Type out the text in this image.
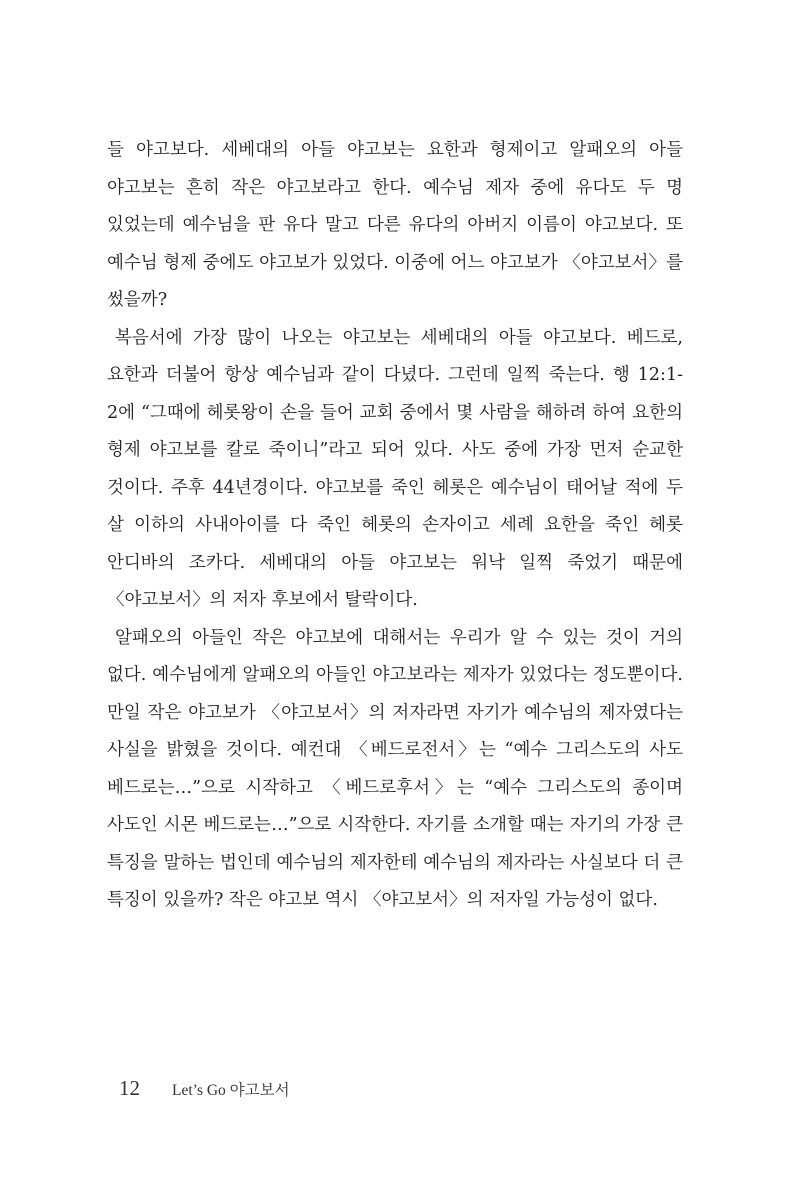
들 야고보다. 세베대의 아들 야고보는 요한과 형제이고 알패오의 아들 야고보는 흔히 작은 야고보라고 한다. 예수님 제자 중에 유다도 두 명 있었는데 예수님을 판 유다 말고 다른 유다의 아버지 이름이 야고보다. 또 예수님 형제 중에도 야고보가 있었다. 이중에 어느 야고보가 〈야고보서〉를 썼을까?

복음서에 가장 많이 나오는 야고보는 세베대의 아들 야고보다. 베드로, 요한과 더불어 항상 예수님과 같이 다녔다. 그런데 일찍 죽는다. 행 12:1-2에 “그때에 헤롯왕이 손을 들어 교회 중에서 몇 사람을 해하려 하여 요한의 형제 야고보를 칼로 죽이니”라고 되어 있다. 사도 중에 가장 먼저 순교한 것이다. 주후 44년경이다. 야고보를 죽인 헤롯은 예수님이 태어날 적에 두 살 이하의 사내아이를 다 죽인 헤롯의 손자이고 세례 요한을 죽인 헤롯 안디바의 조카다. 세베대의 아들 야고보는 워낙 일찍 죽었기 때문에 〈야고보서〉의 저자 후보에서 탈락이다.

알패오의 아들인 작은 야고보에 대해서는 우리가 알 수 있는 것이 거의 없다. 예수님에게 알패오의 아들인 야고보라는 제자가 있었다는 정도뿐이다. 만일 작은 야고보가 〈야고보서〉의 저자라면 자기가 예수님의 제자였다는 사실을 밝혔을 것이다. 예컨대 〈베드로전서〉는 “예수 그리스도의 사도 베드로는…”으로 시작하고 〈베드로후서〉는 “예수 그리스도의 종이며 사도인 시몬 베드로는…”으로 시작한다. 자기를 소개할 때는 자기의 가장 큰 특징을 말하는 법인데 예수님의 제자한테 예수님의 제자라는 사실보다 더 큰 특징이 있을까? 작은 야고보 역시 〈야고보서〉의 저자일 가능성이 없다.

12 Let’s Go 야고보서
